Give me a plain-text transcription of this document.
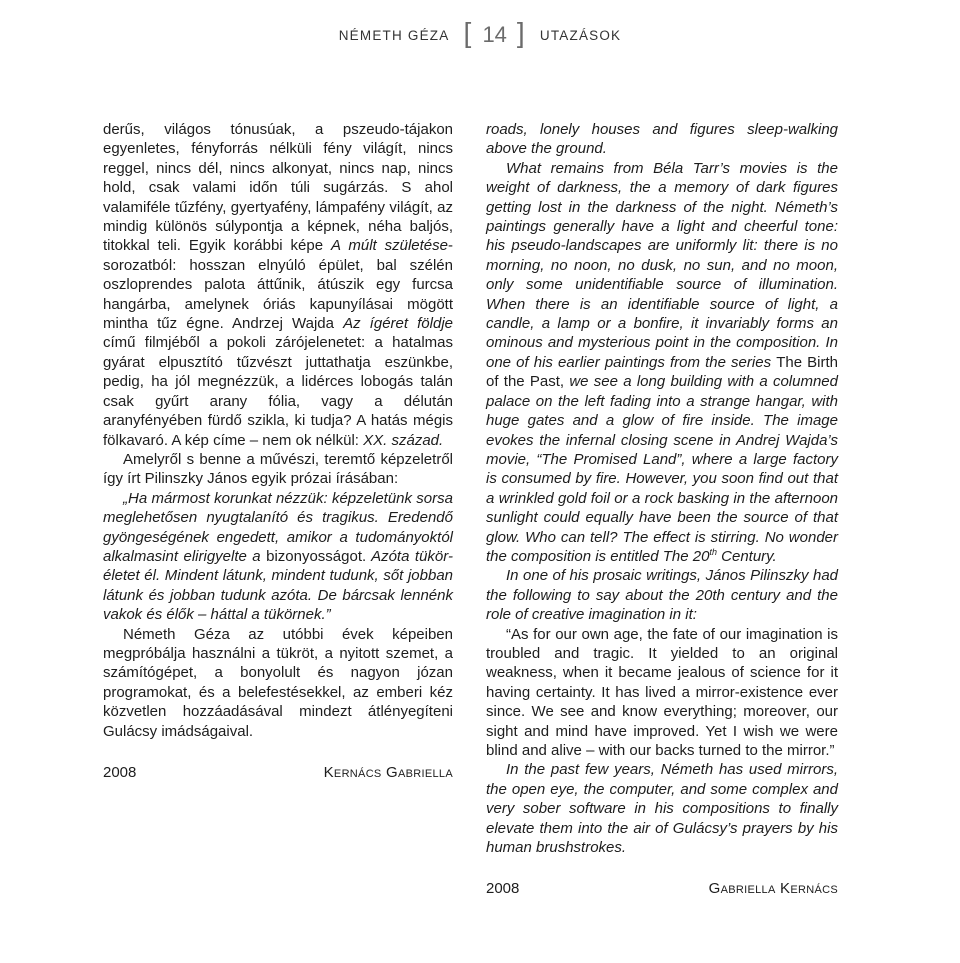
NÉMETH GÉZA [ 14 ] UTAZÁSOK

derűs, világos tónusúak, a pszeudo-tájakon egyenletes, fényforrás nélküli fény világít, nincs reggel, nincs dél, nincs alkonyat, nincs nap, nincs hold, csak valami időn túli sugárzás. S ahol valamiféle tűzfény, gyertyafény, lámpafény világít, az mindig különös súlypontja a képnek, néha baljós, titokkal teli. Egyik korábbi képe A múlt születése-sorozatból: hosszan elnyúló épület, bal szélén oszloprendes palota áttűnik, átúszik egy furcsa hangárba, amelynek óriás kapunyílásai mögött mintha tűz égne. Andrzej Wajda Az ígéret földje című filmjéből a pokoli zárójelenetet: a hatalmas gyárat elpusztító tűzvészt juttathatja eszünkbe, pedig, ha jól megnézzük, a lidérces lobogás talán csak gyűrt arany fólia, vagy a délután aranyfényében fürdő szikla, ki tudja? A hatás mégis fölkavaró. A kép címe – nem ok nélkül: XX. század.

Amelyről s benne a művészi, teremtő képzeletről így írt Pilinszky János egyik prózai írásában:

„Ha mármost korunkat nézzük: képzeletünk sorsa meglehetősen nyugtalanító és tragikus. Eredendő gyöngeségének engedett, amikor a tudományoktól alkalmasint elirigyelte a bizonyosságot. Azóta tükör-életet él. Mindent látunk, mindent tudunk, sőt jobban látunk és jobban tudunk azóta. De bárcsak lennénk vakok és élők – háttal a tükörnek.”

Németh Géza az utóbbi évek képeiben megpróbálja használni a tükröt, a nyitott szemet, a számítógépet, a bonyolult és nagyon józan programokat, és a belefestésekkel, az emberi kéz közvetlen hozzáadásával mindezt átlényegíteni Gulácsy imádságaival.

2008	Kernács Gabriella

roads, lonely houses and figures sleep-walking above the ground.

What remains from Béla Tarr’s movies is the weight of darkness, the a memory of dark figures getting lost in the darkness of the night. Németh’s paintings generally have a light and cheerful tone: his pseudo-landscapes are uniformly lit: there is no morning, no noon, no dusk, no sun, and no moon, only some unidentifiable source of illumination. When there is an identifiable source of light, a candle, a lamp or a bonfire, it invariably forms an ominous and mysterious point in the composition. In one of his earlier paintings from the series The Birth of the Past, we see a long building with a columned palace on the left fading into a strange hangar, with huge gates and a glow of fire inside. The image evokes the infernal closing scene in Andrej Wajda’s movie, “The Promised Land”, where a large factory is consumed by fire. However, you soon find out that a wrinkled gold foil or a rock basking in the afternoon sunlight could equally have been the source of that glow. Who can tell? The effect is stirring. No wonder the composition is entitled The 20th Century.

In one of his prosaic writings, János Pilinszky had the following to say about the 20th century and the role of creative imagination in it:

“As for our own age, the fate of our imagination is troubled and tragic. It yielded to an original weakness, when it became jealous of science for it having certainty. It has lived a mirror-existence ever since. We see and know everything; moreover, our sight and mind have improved. Yet I wish we were blind and alive – with our backs turned to the mirror.”

In the past few years, Németh has used mirrors, the open eye, the computer, and some complex and very sober software in his compositions to finally elevate them into the air of Gulácsy’s prayers by his human brushstrokes.

2008	Gabriella Kernács
